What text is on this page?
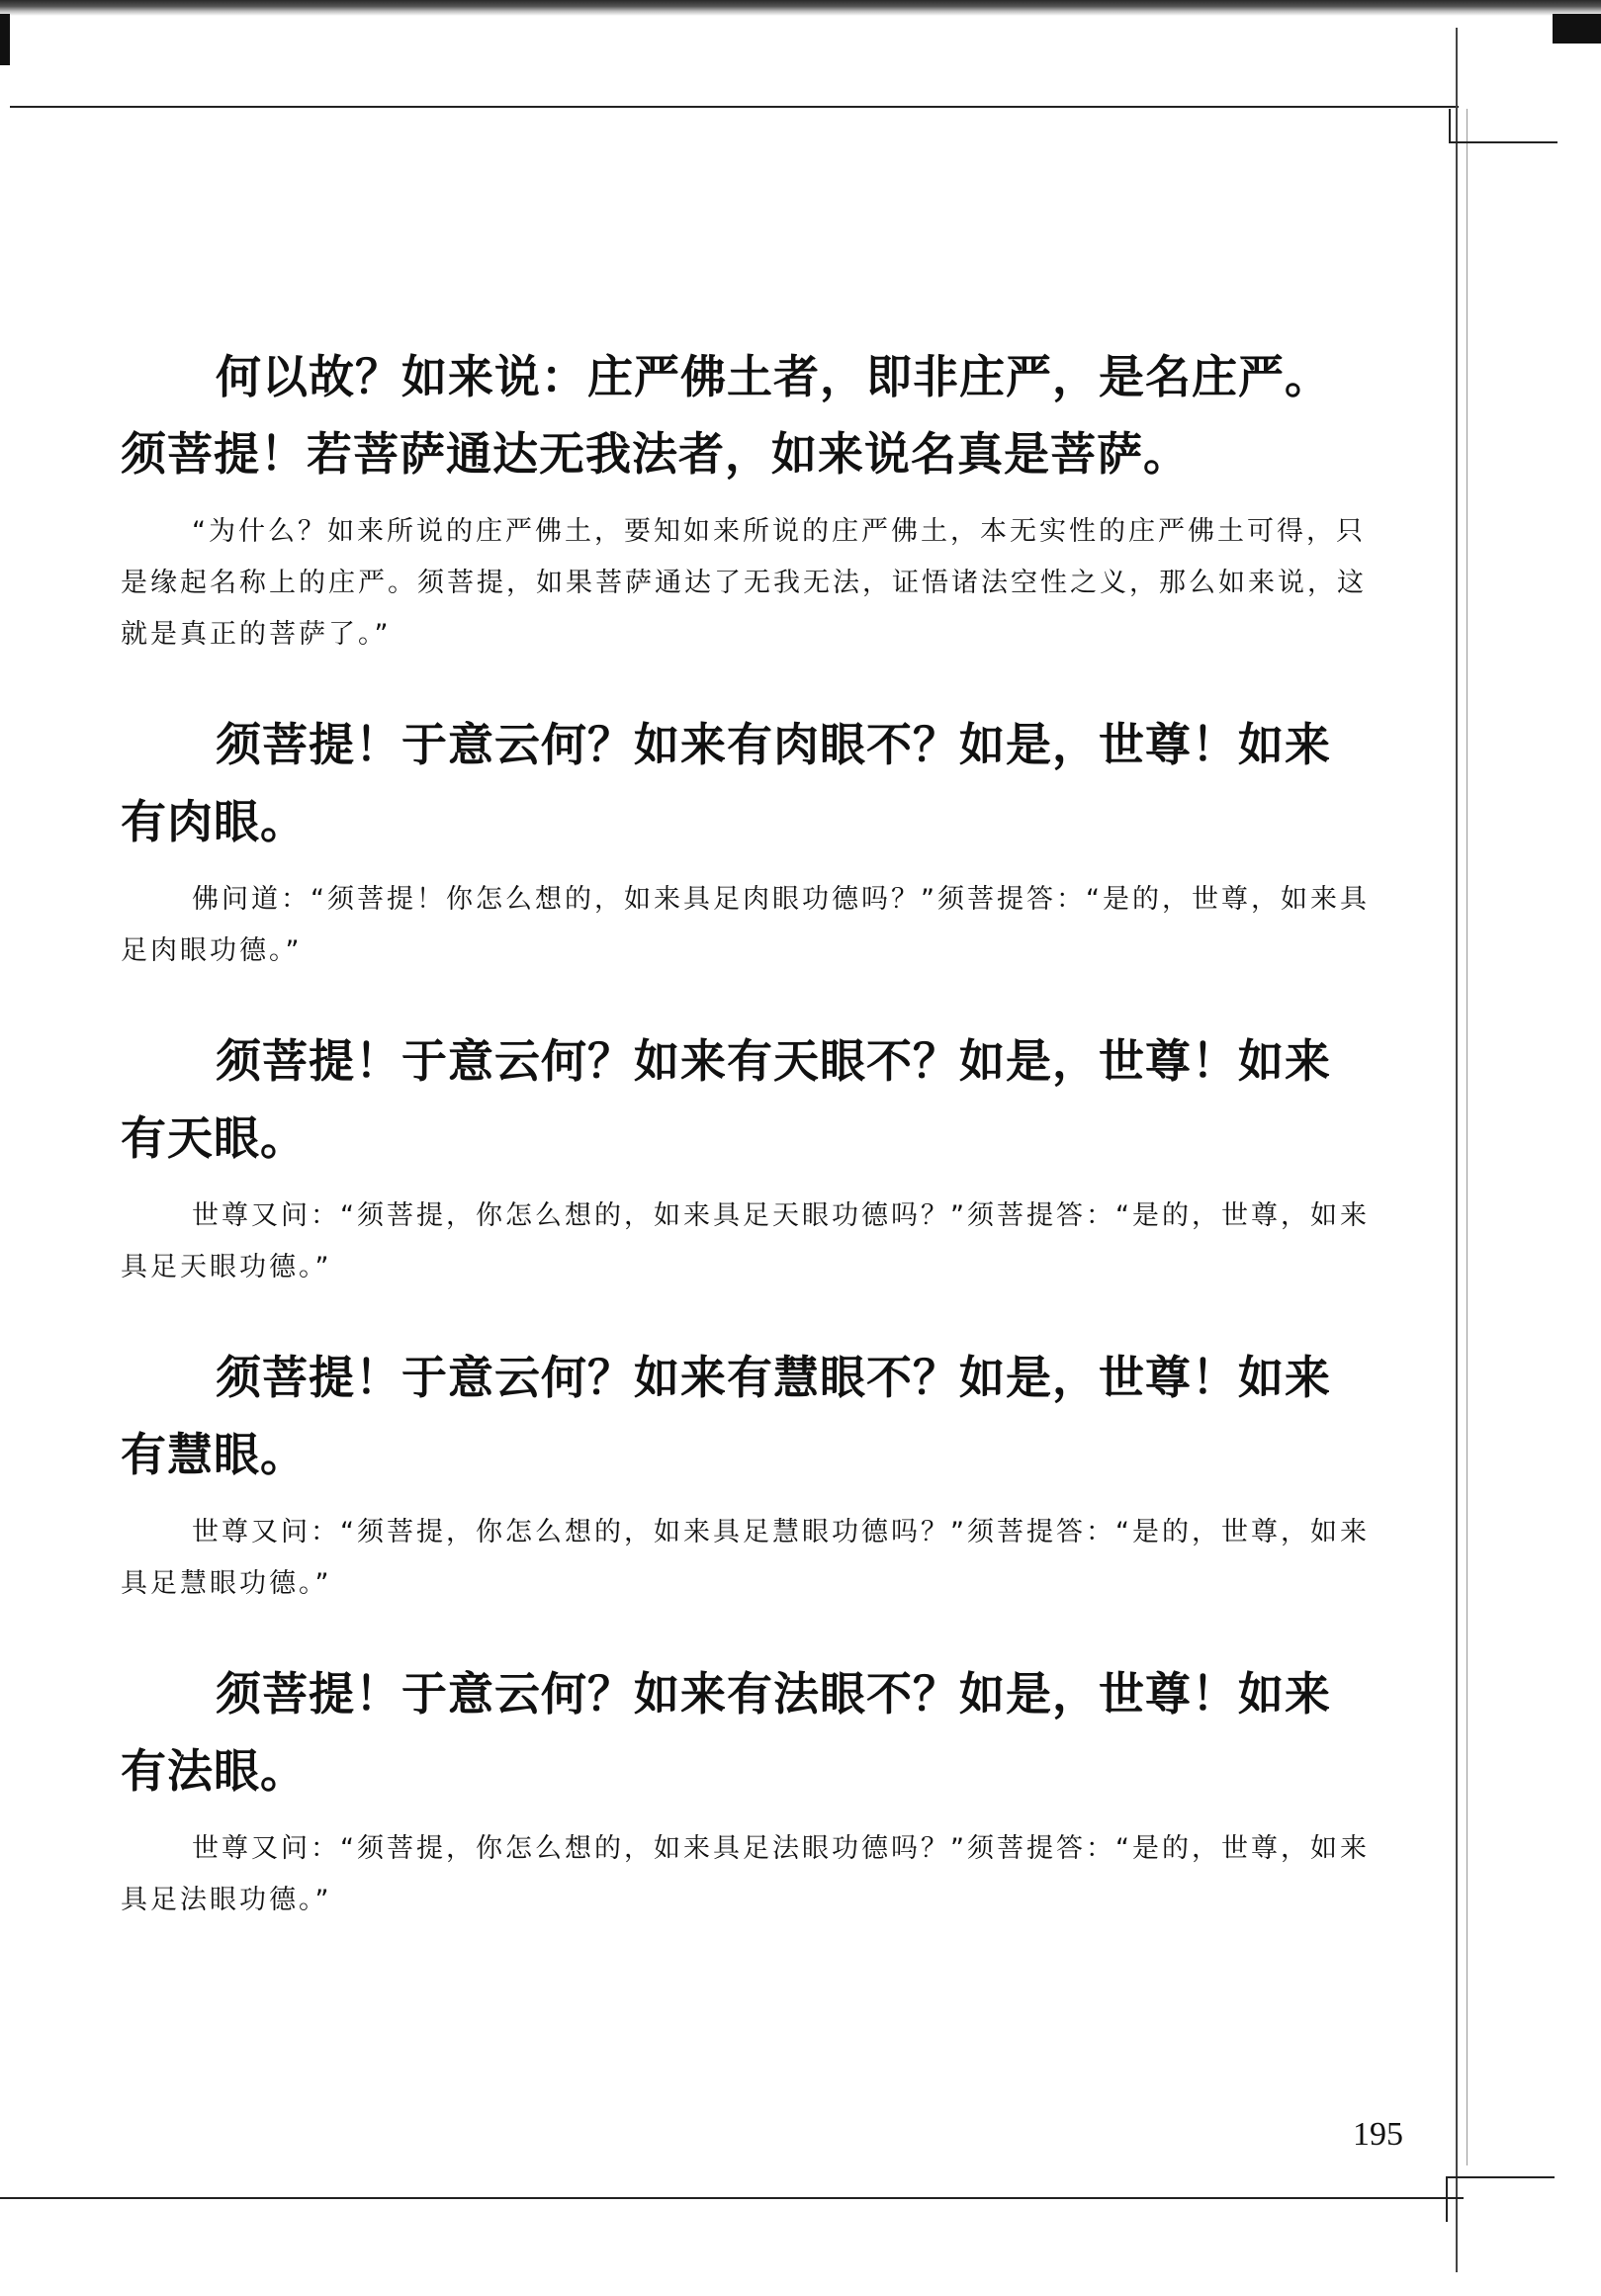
何以故？如来说：庄严佛土者，即非庄严，是名庄严。须菩提！若菩萨通达无我法者，如来说名真是菩萨。

“为什么？如来所说的庄严佛土，要知如来所说的庄严佛土，本无实性的庄严佛土可得，只是缘起名称上的庄严。须菩提，如果菩萨通达了无我无法，证悟诸法空性之义，那么如来说，这就是真正的菩萨了。”

须菩提！于意云何？如来有肉眼不？如是，世尊！如来有肉眼。

佛问道：“须菩提！你怎么想的，如来具足肉眼功德吗？”须菩提答：“是的，世尊，如来具足肉眼功德。”

须菩提！于意云何？如来有天眼不？如是，世尊！如来有天眼。

世尊又问：“须菩提，你怎么想的，如来具足天眼功德吗？”须菩提答：“是的，世尊，如来具足天眼功德。”

须菩提！于意云何？如来有慧眼不？如是，世尊！如来有慧眼。

世尊又问：“须菩提，你怎么想的，如来具足慧眼功德吗？”须菩提答：“是的，世尊，如来具足慧眼功德。”

须菩提！于意云何？如来有法眼不？如是，世尊！如来有法眼。

世尊又问：“须菩提，你怎么想的，如来具足法眼功德吗？”须菩提答：“是的，世尊，如来具足法眼功德。”

195
